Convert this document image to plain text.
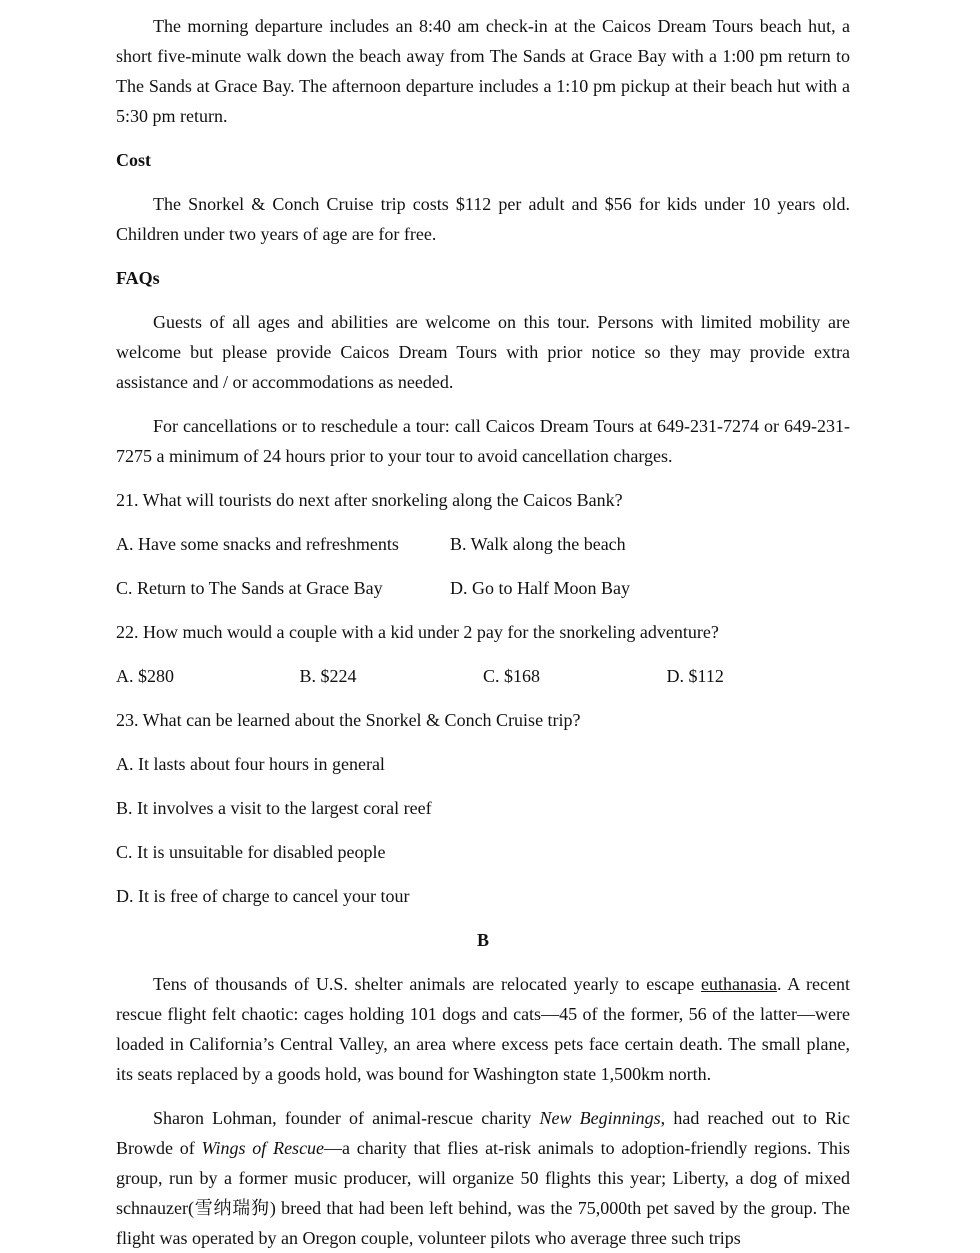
The morning departure includes an 8:40 am check-in at the Caicos Dream Tours beach hut, a short five-minute walk down the beach away from The Sands at Grace Bay with a 1:00 pm return to The Sands at Grace Bay. The afternoon departure includes a 1:10 pm pickup at their beach hut with a 5:30 pm return.

Cost

The Snorkel & Conch Cruise trip costs $112 per adult and $56 for kids under 10 years old. Children under two years of age are for free.

FAQs

Guests of all ages and abilities are welcome on this tour. Persons with limited mobility are welcome but please provide Caicos Dream Tours with prior notice so they may provide extra assistance and / or accommodations as needed.

For cancellations or to reschedule a tour: call Caicos Dream Tours at 649-231-7274 or 649-231-7275 a minimum of 24 hours prior to your tour to avoid cancellation charges.

21. What will tourists do next after snorkeling along the Caicos Bank?

A. Have some snacks and refreshments	B. Walk along the beach
C. Return to The Sands at Grace Bay	D. Go to Half Moon Bay

22. How much would a couple with a kid under 2 pay for the snorkeling adventure?

A. $280	B. $224	C. $168	D. $112

23. What can be learned about the Snorkel & Conch Cruise trip?

A. It lasts about four hours in general

B. It involves a visit to the largest coral reef

C. It is unsuitable for disabled people

D. It is free of charge to cancel your tour

B

Tens of thousands of U.S. shelter animals are relocated yearly to escape euthanasia. A recent rescue flight felt chaotic: cages holding 101 dogs and cats—45 of the former, 56 of the latter—were loaded in California’s Central Valley, an area where excess pets face certain death. The small plane, its seats replaced by a goods hold, was bound for Washington state 1,500km north.

Sharon Lohman, founder of animal-rescue charity New Beginnings, had reached out to Ric Browde of Wings of Rescue—a charity that flies at-risk animals to adoption-friendly regions. This group, run by a former music producer, will organize 50 flights this year; Liberty, a dog of mixed schnauzer(雪纳瑞狗) breed that had been left behind, was the 75,000th pet saved by the group. The flight was operated by an Oregon couple, volunteer pilots who average three such trips
